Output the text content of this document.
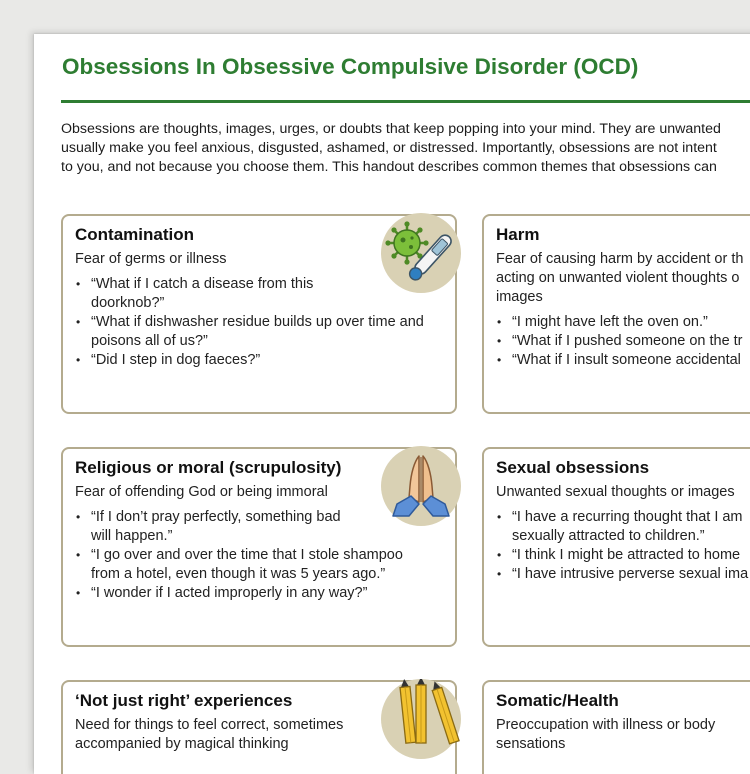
Obsessions In Obsessive Compulsive Disorder (OCD)

Obsessions are thoughts, images, urges, or doubts that keep popping into your mind. They are unwanted
usually make you feel anxious, disgusted, ashamed, or distressed. Importantly, obsessions are not intent
to you, and not because you choose them. This handout describes common themes that obsessions can

Contamination

Fear of germs or illness

• “What if I catch a disease from this
doorknob?”
• “What if dishwasher residue builds up over time and
poisons all of us?”
• “Did I step in dog faeces?”
Harm

Fear of causing harm by accident or th
acting on unwanted violent thoughts o
images

• “I might have left the oven on.”
• “What if I pushed someone on the tr
• “What if I insult someone accidental
Religious or moral (scrupulosity)

Fear of offending God or being immoral

• “If I don’t pray perfectly, something bad
will happen.”
• “I go over and over the time that I stole shampoo
from a hotel, even though it was 5 years ago.”
• “I wonder if I acted improperly in any way?”
Sexual obsessions

Unwanted sexual thoughts or images

• “I have a recurring thought that I am
sexually attracted to children.”
• “I think I might be attracted to home
• “I have intrusive perverse sexual ima
‘Not just right’ experiences

Need for things to feel correct, sometimes
accompanied by magical thinking

Somatic/Health

Preoccupation with illness or body
sensations
